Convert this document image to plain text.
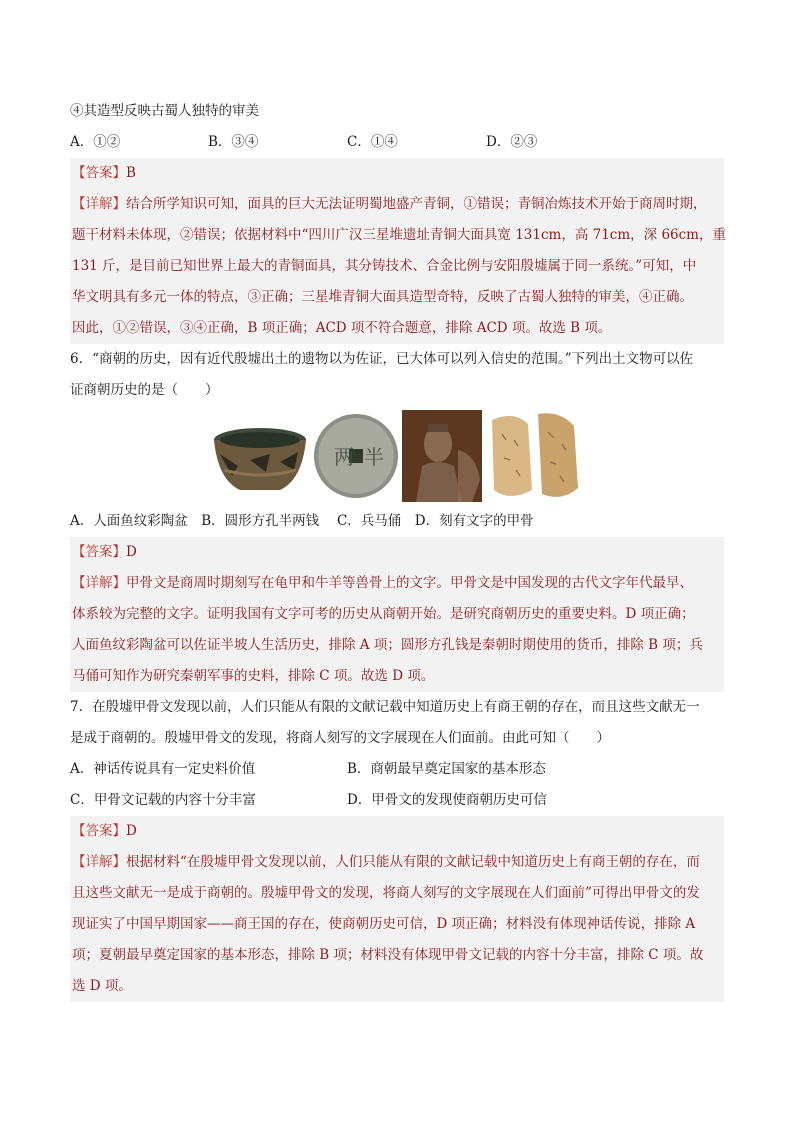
④其造型反映古蜀人独特的审美
A．①②	B．③④	C．①④	D．②③
【答案】B
【详解】结合所学知识可知，面具的巨大无法证明蜀地盛产青铜，①错误；青铜冶炼技术开始于商周时期，
题干材料未体现，②错误；依据材料中“四川广汉三星堆遗址青铜大面具宽 131cm，高 71cm，深 66cm，重
131 斤，是目前已知世界上最大的青铜面具，其分铸技术、合金比例与安阳殷墟属于同一系统。”可知，中
华文明具有多元一体的特点，③正确；三星堆青铜大面具造型奇特，反映了古蜀人独特的审美，④正确。
因此，①②错误，③④正确，B 项正确；ACD 项不符合题意，排除 ACD 项。故选 B 项。
6．“商朝的历史，因有近代殷墟出土的遗物以为佐证，已大体可以列入信史的范围。”下列出土文物可以佐
证商朝历史的是（　　）
两 半
A．人面鱼纹彩陶盆　B．圆形方孔半两钱　 C．兵马俑　D．刻有文字的甲骨
【答案】D
【详解】甲骨文是商周时期刻写在龟甲和牛羊等兽骨上的文字。甲骨文是中国发现的古代文字年代最早、
体系较为完整的文字。证明我国有文字可考的历史从商朝开始。是研究商朝历史的重要史料。D 项正确；
人面鱼纹彩陶盆可以佐证半坡人生活历史，排除 A 项；圆形方孔钱是秦朝时期使用的货币，排除 B 项；兵
马俑可知作为研究秦朝军事的史料，排除 C 项。故选 D 项。
7．在殷墟甲骨文发现以前，人们只能从有限的文献记载中知道历史上有商王朝的存在，而且这些文献无一
是成于商朝的。殷墟甲骨文的发现，将商人刻写的文字展现在人们面前。由此可知（　　）
A．神话传说具有一定史料价值	B．商朝最早奠定国家的基本形态
C．甲骨文记载的内容十分丰富	D．甲骨文的发现使商朝历史可信
【答案】D
【详解】根据材料“在殷墟甲骨文发现以前，人们只能从有限的文献记载中知道历史上有商王朝的存在，而
且这些文献无一是成于商朝的。殷墟甲骨文的发现，将商人刻写的文字展现在人们面前”可得出甲骨文的发
现证实了中国早期国家——商王国的存在，使商朝历史可信，D 项正确；材料没有体现神话传说，排除 A
项；夏朝最早奠定国家的基本形态，排除 B 项；材料没有体现甲骨文记载的内容十分丰富，排除 C 项。故
选 D 项。
